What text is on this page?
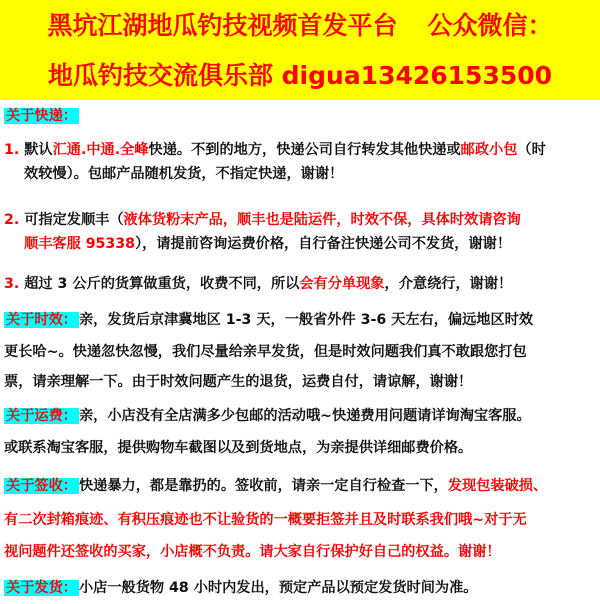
黑坑江湖地瓜钓技视频首发平台 公众微信：
地瓜钓技交流俱乐部 digua13426153500
关于快递：
1. 默认汇通.中通.全峰快递。不到的地方，快递公司自行转发其他快递或邮政小包（时
效较慢）。包邮产品随机发货，不指定快递，谢谢！
2. 可指定发顺丰（液体货粉末产品，顺丰也是陆运件，时效不保，具体时效请咨询
顺丰客服 95338），请提前咨询运费价格，自行备注快递公司不发货，谢谢！
3. 超过 3 公斤的货算做重货，收费不同，所以会有分单现象，介意绕行，谢谢！
关于时效： 亲，发货后京津冀地区 1-3 天，一般省外件 3-6 天左右，偏远地区时效
更长哈~。快递忽快忽慢，我们尽量给亲早发货，但是时效问题我们真不敢跟您打包
票，请亲理解一下。由于时效问题产生的退货，运费自付，请谅解，谢谢！
关于运费： 亲，小店没有全店满多少包邮的活动哦~快递费用问题请详询淘宝客服。
或联系淘宝客服，提供购物车截图以及到货地点，为亲提供详细邮费价格。
关于签收： 快递暴力，都是靠扔的。签收前，请亲一定自行检查一下，发现包装破损、
有二次封箱痕迹、有积压痕迹也不让验货的一概要拒签并且及时联系我们哦~对于无
视问题件还签收的买家，小店概不负责。请大家自行保护好自己的权益。谢谢！
关于发货： 小店一般货物 48 小时内发出，预定产品以预定发货时间为准。
